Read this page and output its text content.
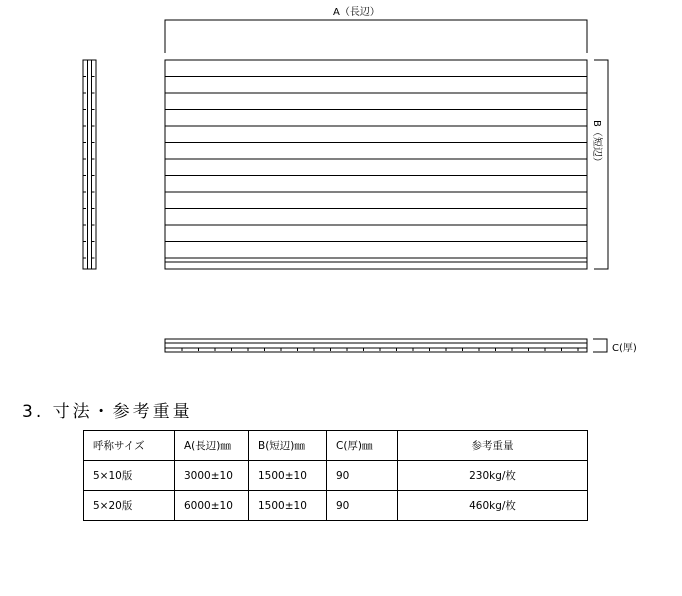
A（長辺）
B（短辺）
C(厚)
3. 寸法・参考重量
呼称サイズ	A(長辺)㎜	B(短辺)㎜	C(厚)㎜	参考重量
5×10版	3000±10	1500±10	90	230kg/枚
5×20版	6000±10	1500±10	90	460kg/枚
